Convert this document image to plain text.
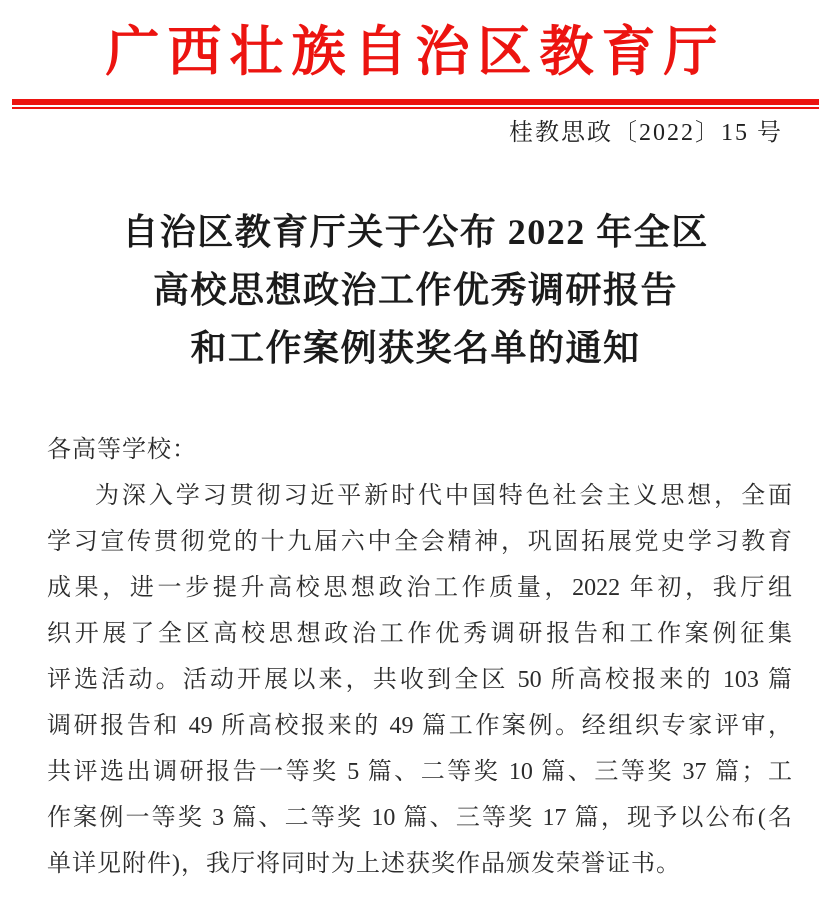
广西壮族自治区教育厅
桂教思政〔2022〕15 号
自治区教育厅关于公布 2022 年全区
高校思想政治工作优秀调研报告
和工作案例获奖名单的通知
各高等学校：
为深入学习贯彻习近平新时代中国特色社会主义思想，全面
学习宣传贯彻党的十九届六中全会精神，巩固拓展党史学习教育
成果，进一步提升高校思想政治工作质量，2022 年初，我厅组
织开展了全区高校思想政治工作优秀调研报告和工作案例征集
评选活动。活动开展以来，共收到全区 50 所高校报来的 103 篇
调研报告和 49 所高校报来的 49 篇工作案例。经组织专家评审，
共评选出调研报告一等奖 5 篇、二等奖 10 篇、三等奖 37 篇；工
作案例一等奖 3 篇、二等奖 10 篇、三等奖 17 篇，现予以公布(名
单详见附件)，我厅将同时为上述获奖作品颁发荣誉证书。
